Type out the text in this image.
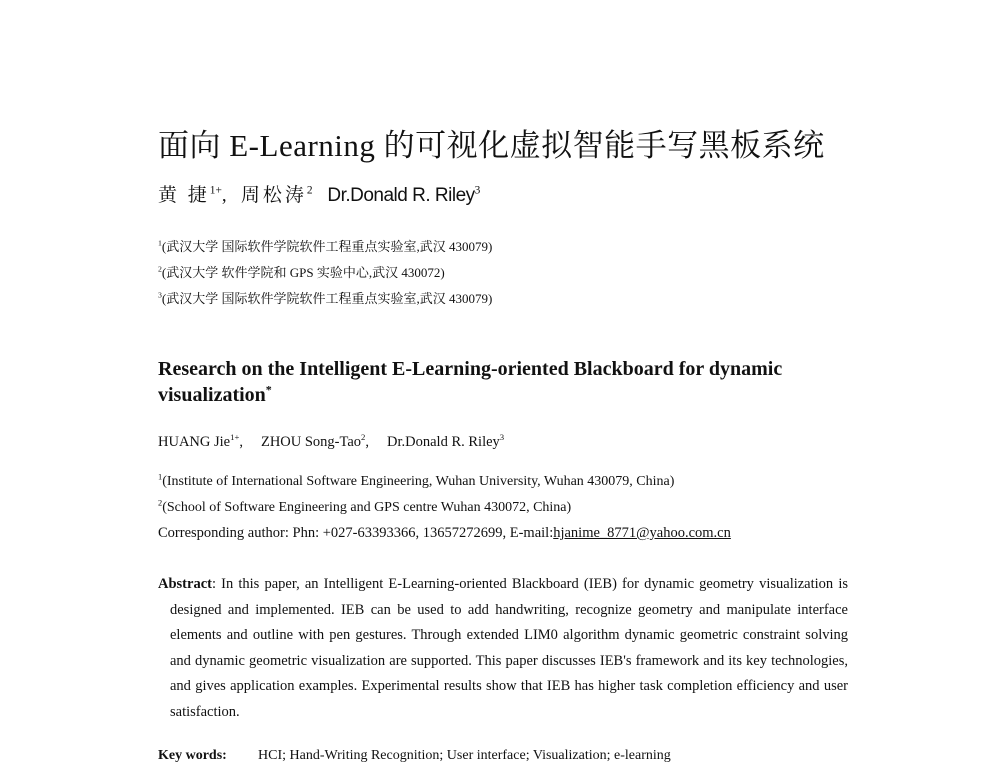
面向 E-Learning 的可视化虚拟智能手写黑板系统
黄 捷$^{1+}$,   周松涛$^2$ Dr.Donald R. Riley$^3$
$^1$(武汉大学 国际软件学院软件工程重点实验室,武汉 430079)
$^2$(武汉大学 软件学院和 GPS 实验中心,武汉 430072)
$^3$(武汉大学 国际软件学院软件工程重点实验室,武汉 430079)
Research on the Intelligent E-Learning-oriented Blackboard for dynamic visualization*
HUANG Jie$^{1+}$, ZHOU Song-Tao$^2$, Dr.Donald R. Riley$^3$
$^1$(Institute of International Software Engineering, Wuhan University, Wuhan 430079, China)
$^2$(School of Software Engineering and GPS centre Wuhan 430072, China)
Corresponding author: Phn: +027-63393366, 13657272699, E-mail:hjanime_8771@yahoo.com.cn
Abstract: In this paper, an Intelligent E-Learning-oriented Blackboard (IEB) for dynamic geometry visualization is designed and implemented. IEB can be used to add handwriting, recognize geometry and manipulate interface elements and outline with pen gestures. Through extended LIM0 algorithm dynamic geometric constraint solving and dynamic geometric visualization are supported. This paper discusses IEB's framework and its key technologies, and gives application examples. Experimental results show that IEB has higher task completion efficiency and user satisfaction.
Key words: HCI; Hand-Writing Recognition; User interface; Visualization; e-learning
